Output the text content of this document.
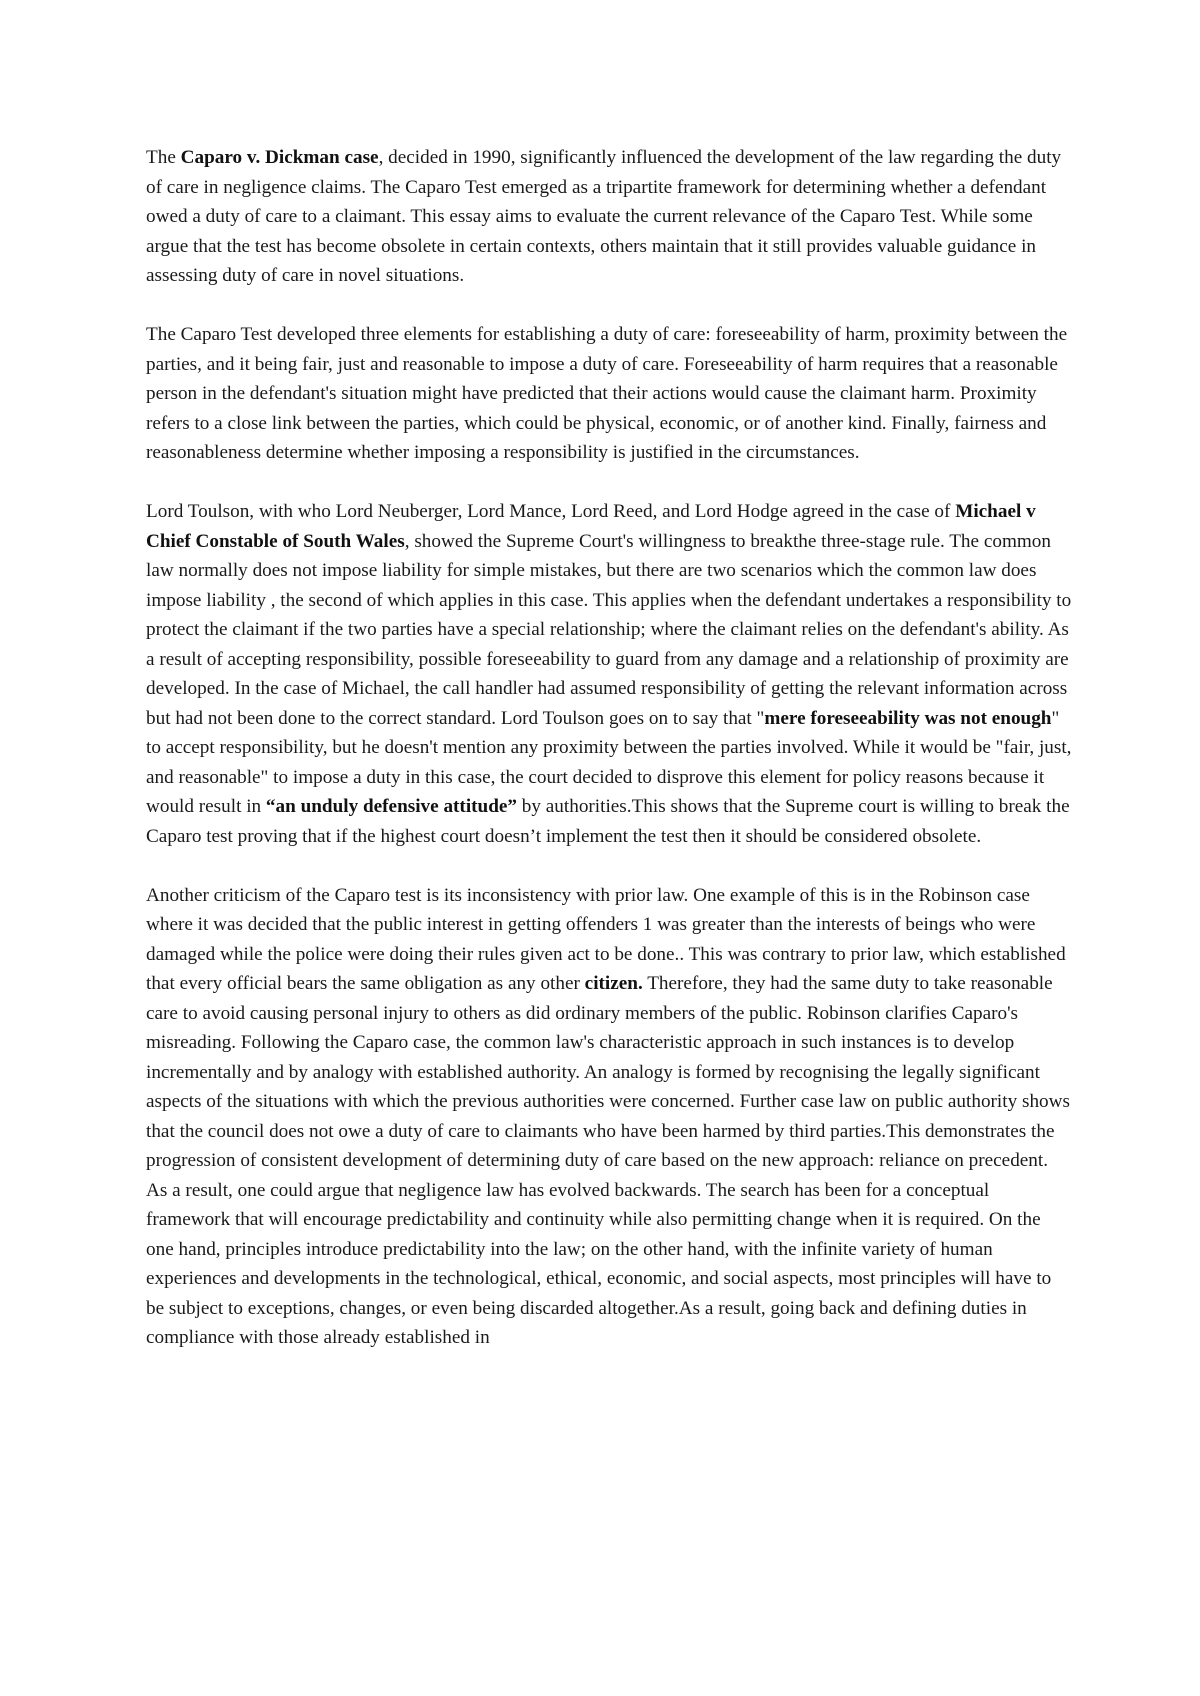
The Caparo v. Dickman case, decided in 1990, significantly influenced the development of the law regarding the duty of care in negligence claims. The Caparo Test emerged as a tripartite framework for determining whether a defendant owed a duty of care to a claimant. This essay aims to evaluate the current relevance of the Caparo Test. While some argue that the test has become obsolete in certain contexts, others maintain that it still provides valuable guidance in assessing duty of care in novel situations.

The Caparo Test developed three elements for establishing a duty of care: foreseeability of harm, proximity between the parties, and it being fair, just and reasonable to impose a duty of care. Foreseeability of harm requires that a reasonable person in the defendant's situation might have predicted that their actions would cause the claimant harm. Proximity refers to a close link between the parties, which could be physical, economic, or of another kind. Finally, fairness and reasonableness determine whether imposing a responsibility is justified in the circumstances.

Lord Toulson, with who Lord Neuberger, Lord Mance, Lord Reed, and Lord Hodge agreed in the case of Michael v Chief Constable of South Wales, showed the Supreme Court's willingness to breakthe three-stage rule. The common law normally does not impose liability for simple mistakes, but there are two scenarios which the common law does impose liability , the second of which applies in this case. This applies when the defendant undertakes a responsibility to protect the claimant if the two parties have a special relationship; where the claimant relies on the defendant's ability. As a result of accepting responsibility, possible foreseeability to guard from any damage and a relationship of proximity are developed. In the case of Michael, the call handler had assumed responsibility of getting the relevant information across but had not been done to the correct standard. Lord Toulson goes on to say that "mere foreseeability was not enough" to accept responsibility, but he doesn't mention any proximity between the parties involved. While it would be "fair, just, and reasonable" to impose a duty in this case, the court decided to disprove this element for policy reasons because it would result in “an unduly defensive attitude” by authorities.This shows that the Supreme court is willing to break the Caparo test proving that if the highest court doesn’t implement the test then it should be considered obsolete.

Another criticism of the Caparo test is its inconsistency with prior law. One example of this is in the Robinson case where it was decided that the public interest in getting offenders 1 was greater than the interests of beings who were damaged while the police were doing their rules given act to be done.. This was contrary to prior law, which established that every official bears the same obligation as any other citizen. Therefore, they had the same duty to take reasonable care to avoid causing personal injury to others as did ordinary members of the public. Robinson clarifies Caparo's misreading. Following the Caparo case, the common law's characteristic approach in such instances is to develop incrementally and by analogy with established authority. An analogy is formed by recognising the legally significant aspects of the situations with which the previous authorities were concerned. Further case law on public authority shows that the council does not owe a duty of care to claimants who have been harmed by third parties.This demonstrates the progression of consistent development of determining duty of care based on the new approach: reliance on precedent. As a result, one could argue that negligence law has evolved backwards. The search has been for a conceptual framework that will encourage predictability and continuity while also permitting change when it is required. On the one hand, principles introduce predictability into the law; on the other hand, with the infinite variety of human experiences and developments in the technological, ethical, economic, and social aspects, most principles will have to be subject to exceptions, changes, or even being discarded altogether.As a result, going back and defining duties in compliance with those already established in
